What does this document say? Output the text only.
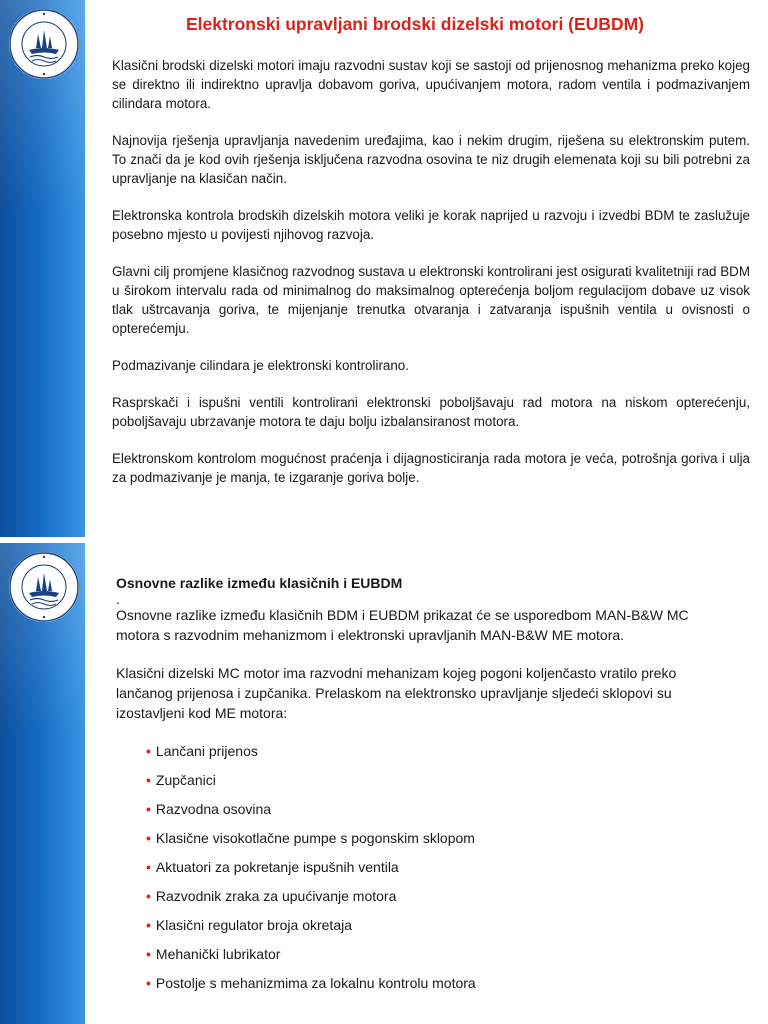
Elektronski upravljani brodski dizelski motori (EUBDM)

Klasični brodski dizelski motori imaju razvodni sustav koji se sastoji od prijenosnog mehanizma preko kojeg se direktno ili indirektno upravlja dobavom goriva, upućivanjem motora, radom ventila i podmazivanjem cilindara motora.

Najnovija rješenja upravljanja navedenim uređajima, kao i nekim drugim, riješena su elektronskim putem. To znači da je kod ovih rješenja isključena razvodna osovina te niz drugih elemenata koji su bili potrebni za upravljanje na klasičan način.

Elektronska kontrola brodskih dizelskih motora veliki je korak naprijed u razvoju i izvedbi BDM te zaslužuje posebno mjesto u povijesti njihovog razvoja.

Glavni cilj promjene klasičnog razvodnog sustava u elektronski kontrolirani jest osigurati kvalitetniji rad BDM u širokom intervalu rada od minimalnog do maksimalnog opterećenja boljom regulacijom dobave uz visok tlak uštrcavanja goriva, te mijenjanje trenutka otvaranja i zatvaranja ispušnih ventila u ovisnosti o opterećemju.

Podmazivanje cilindara je elektronski kontrolirano.

Rasprskači i ispušni ventili kontrolirani elektronski poboljšavaju rad motora na niskom opterećenju, poboljšavaju ubrzavanje motora te daju bolju izbalansiranost motora.

Elektronskom kontrolom mogućnost praćenja i dijagnosticiranja rada motora je veća, potrošnja goriva i ulja za podmazivanje je manja, te izgaranje goriva bolje.

Osnovne razlike između klasičnih i EUBDM

.

Osnovne razlike između klasičnih BDM i EUBDM prikazat će se usporedbom MAN-B&W MC motora s razvodnim mehanizmom i elektronski upravljanih MAN-B&W ME motora.

Klasični dizelski MC motor ima razvodni mehanizam kojeg pogoni koljenčasto vratilo preko lančanog prijenosa i zupčanika. Prelaskom na elektronsko upravljanje sljedeći sklopovi su izostavljeni kod ME motora:

• Lančani prijenos
• Zupčanici
• Razvodna osovina
• Klasične visokotlačne pumpe s pogonskim sklopom
• Aktuatori za pokretanje ispušnih ventila
• Razvodnik zraka za upućivanje motora
• Klasični regulator broja okretaja
• Mehanički lubrikator
• Postolje s mehanizmima za lokalnu kontrolu motora
